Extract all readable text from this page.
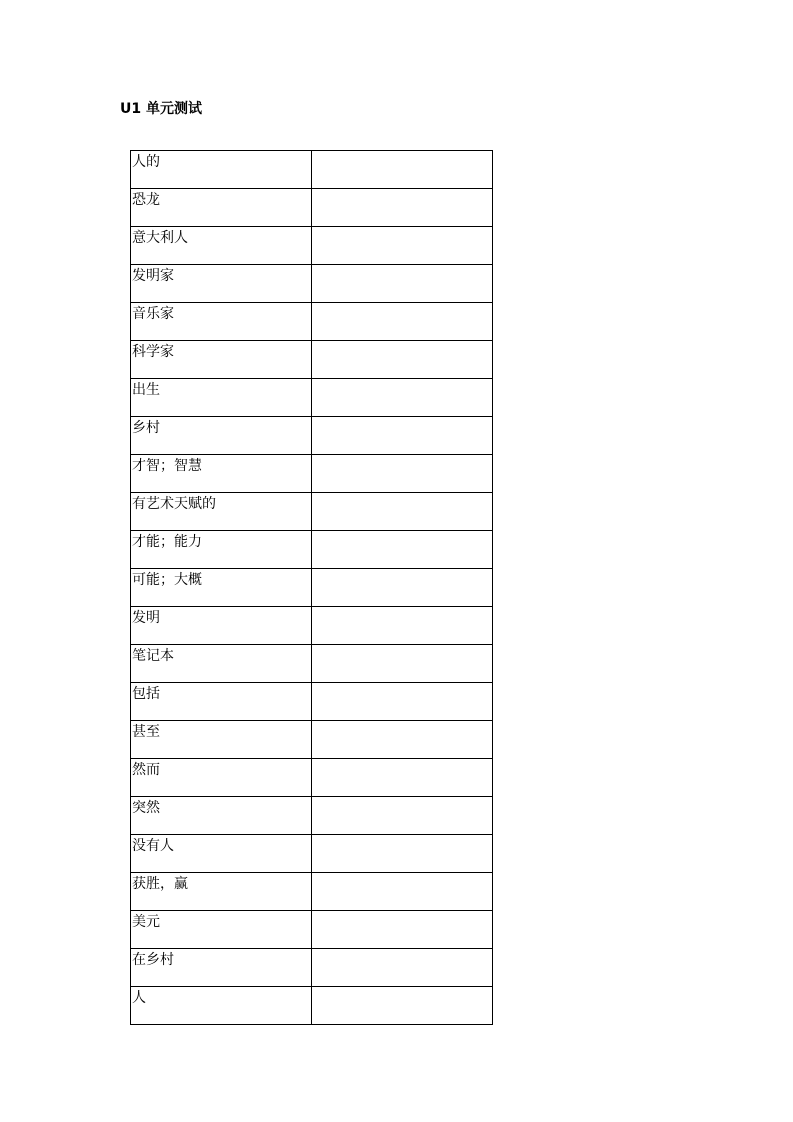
U1 单元测试
人的	

恐龙	

意大利人	

发明家	

音乐家	

科学家	

出生	

乡村	

才智；智慧	

有艺术天赋的	

才能；能力	

可能；大概	

发明	

笔记本	

包括	

甚至	

然而	

突然	

没有人	

获胜，赢	

美元	

在乡村	

人	
